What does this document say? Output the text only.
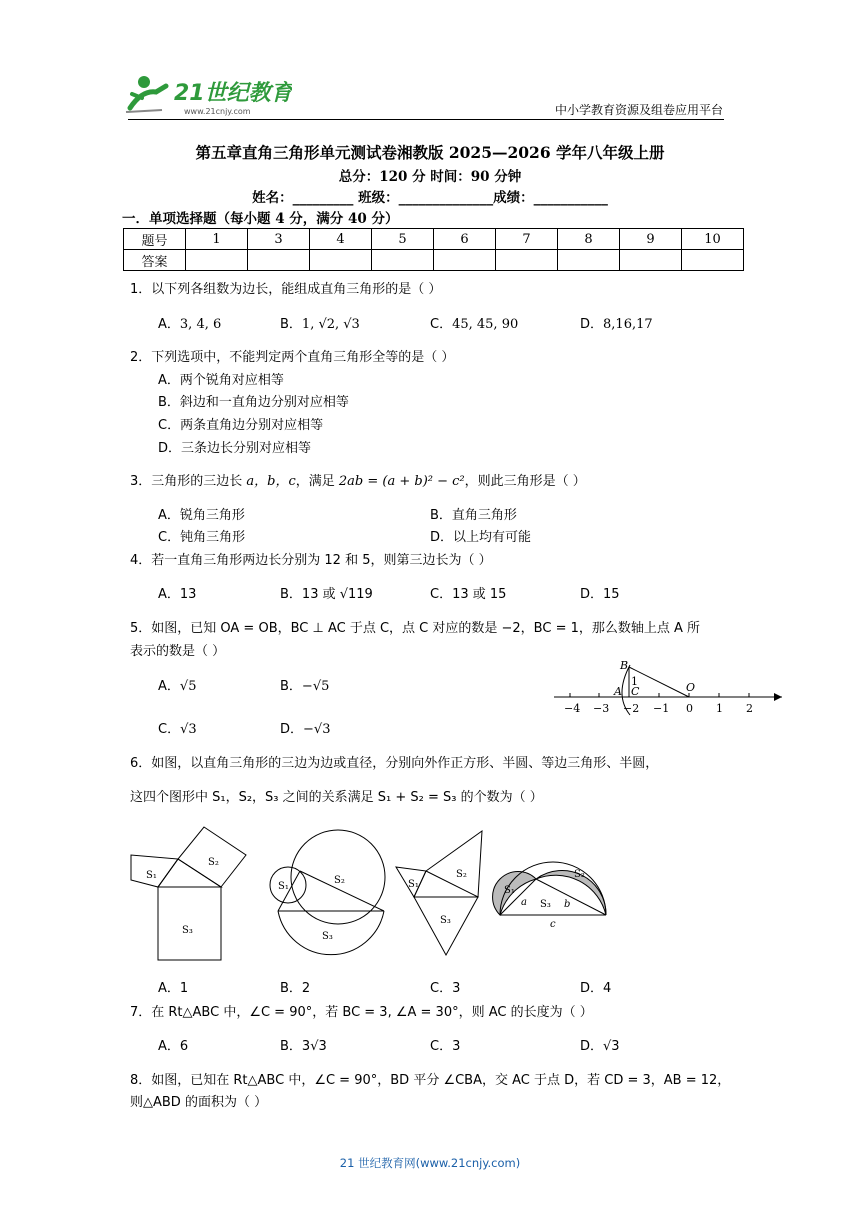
21世纪教育
www.21cnjy.com	中小学教育资源及组卷应用平台
第五章直角三角形单元测试卷湘教版 2025—2026 学年八年级上册
总分：120 分 时间：90 分钟
姓名：_________ 班级：______________成绩：___________
一．单项选择题（每小题 4 分，满分 40 分）
题号	1	3	4	5	6	7	8	9	10
答案									
1．以下列各组数为边长，能组成直角三角形的是（ ）
A．3, 4, 6	B．1, √2, √3	C．45, 45, 90	D．8,16,17
2．下列选项中，不能判定两个直角三角形全等的是（ ）
A．两个锐角对应相等
B．斜边和一直角边分别对应相等
C．两条直角边分别对应相等
D．三条边长分别对应相等
3．三角形的三边长 a，b，c，满足 2ab = (a + b)² − c²，则此三角形是（ ）
A．锐角三角形	B．直角三角形
C．钝角三角形	D．以上均有可能
4．若一直角三角形两边长分别为 12 和 5，则第三边长为（ ）
A．13	B．13 或 √119	C．13 或 15	D．15
5．如图，已知 OA = OB，BC ⊥ AC 于点 C，点 C 对应的数是 −2，BC = 1，那么数轴上点 A 所
表示的数是（ ）
A．√5	B．−√5
C．√3	D．−√3
−4 −3 −2 −1 0 1 2
B
A C
1	O
6．如图，以直角三角形的三边为边或直径，分别向外作正方形、半圆、等边三角形、半圆，
这四个图形中 S₁，S₂，S₃ 之间的关系满足 S₁ + S₂ = S₃ 的个数为（ ）
S₁
S₂
S₃
S₁
S₂
S₃
S₁
S₂
S₃
S₁
S₂
S₃
a	b
c
A．1	B．2	C．3	D．4
7．在 Rt△ABC 中，∠C = 90°，若 BC = 3, ∠A = 30°，则 AC 的长度为（ ）
A．6	B．3√3	C．3	D．√3
8．如图，已知在 Rt△ABC 中，∠C = 90°，BD 平分 ∠CBA，交 AC 于点 D，若 CD = 3，AB = 12，
则△ABD 的面积为（ ）
21 世纪教育网(www.21cnjy.com)
